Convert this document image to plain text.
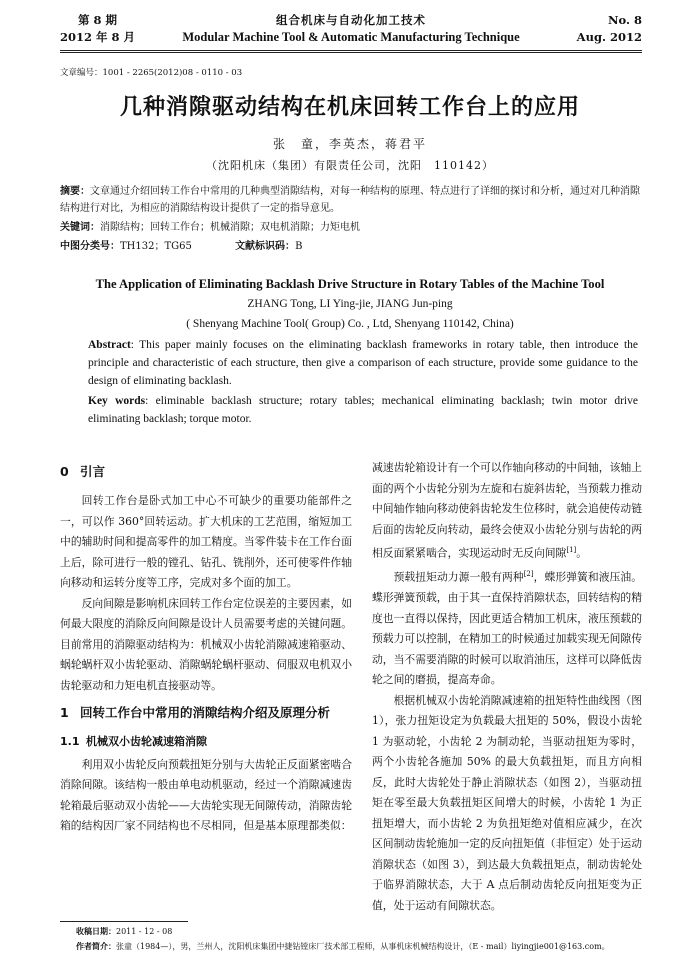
第 8 期
2012 年 8 月
组合机床与自动化加工技术
Modular Machine Tool & Automatic Manufacturing Technique
No. 8
Aug. 2012
文章编号：1001 - 2265(2012)08 - 0110 - 03
几种消隙驱动结构在机床回转工作台上的应用
张　童，李英杰，蒋君平
（沈阳机床（集团）有限责任公司，沈阳　110142）
摘要：文章通过介绍回转工作台中常用的几种典型消隙结构，对每一种结构的原理、特点进行了详细的探讨和分析，通过对几种消隙结构进行对比，为相应的消隙结构设计提供了一定的指导意见。
关键词：消隙结构；回转工作台；机械消隙；双电机消隙；力矩电机
中图分类号：TH132；TG65	文献标识码：B
The Application of Eliminating Backlash Drive Structure in Rotary Tables of the Machine Tool
ZHANG Tong, LI Ying-jie, JIANG Jun-ping
( Shenyang Machine Tool( Group) Co. , Ltd, Shenyang 110142, China)
Abstract: This paper mainly focuses on the eliminating backlash frameworks in rotary table, then introduce the principle and characteristic of each structure, then give a comparison of each structure, provide some guidance to the design of eliminating backlash.
Key words: eliminable backlash structure; rotary tables; mechanical eliminating backlash; twin motor drive eliminating backlash; torque motor.
0 引言

回转工作台是卧式加工中心不可缺少的重要功能部件之一，可以作 360°回转运动。扩大机床的工艺范围，缩短加工中的辅助时间和提高零件的加工精度。当零件装卡在工作台面上后，除可进行一般的镗孔、钻孔、铣削外，还可使零件作轴向移动和运转分度等工序，完成对多个面的加工。

反向间隙是影响机床回转工作台定位误差的主要因素，如何最大限度的消除反向间隙是设计人员需要考虑的关键问题。目前常用的消隙驱动结构为：机械双小齿轮消隙减速箱驱动、蜗轮蜗杆双小齿轮驱动、消隙蜗轮蜗杆驱动、伺服双电机双小齿轮驱动和力矩电机直接驱动等。

1 回转工作台中常用的消隙结构介绍及原理分析
1.1 机械双小齿轮减速箱消隙

利用双小齿轮反向预载扭矩分别与大齿轮正反面紧密啮合消除间隙。该结构一般由单电动机驱动，经过一个消隙减速齿轮箱最后驱动双小齿轮——大齿轮实现无间隙传动，消隙齿轮箱的结构因厂家不同结构也不尽相同，但是基本原理都类似：

减速齿轮箱设计有一个可以作轴向移动的中间轴，该轴上面的两个小齿轮分别为左旋和右旋斜齿轮，当预载力推动中间轴作轴向移动使斜齿轮发生位移时，就会追使传动链后面的齿轮反向转动，最终会使双小齿轮分别与齿轮的两相反面紧紧啮合，实现运动时无反向间隙[1]。

预载扭矩动力源一般有两种[2]，蝶形弹簧和液压油。蝶形弹簧预载，由于其一直保持消隙状态，回转结构的精度也一直得以保持，因此更适合精加工机床，液压预载的预载力可以控制，在精加工的时候通过加载实现无间隙传动，当不需要消隙的时候可以取消油压，这样可以降低齿轮之间的磨损，提高寿命。

根据机械双小齿轮消隙减速箱的扭矩特性曲线图（图 1），张力扭矩设定为负载最大扭矩的 50%，假设小齿轮 1 为驱动轮，小齿轮 2 为制动轮，当驱动扭矩为零时，两个小齿轮各施加 50% 的最大负载扭矩，而且方向相反，此时大齿轮处于静止消隙状态（如图 2），当驱动扭矩在零至最大负载扭矩区间增大的时候，小齿轮 1 为正扭矩增大，而小齿轮 2 为负扭矩绝对值相应减少，在次区间制动齿轮施加一定的反向扭矩值（非恒定）处于运动消隙状态（如图 3），到达最大负载扭矩点，制动齿轮处于临界消隙状态，大于 A 点后制动齿轮反向扭矩变为正值，处于运动有间隙状态。

收稿日期：2011 - 12 - 08
作者简介：张童（1984—），男，兰州人，沈阳机床集团中捷钻镗床厂技术部工程师，从事机床机械结构设计，（E - mail）liyingjie001@163.com。
